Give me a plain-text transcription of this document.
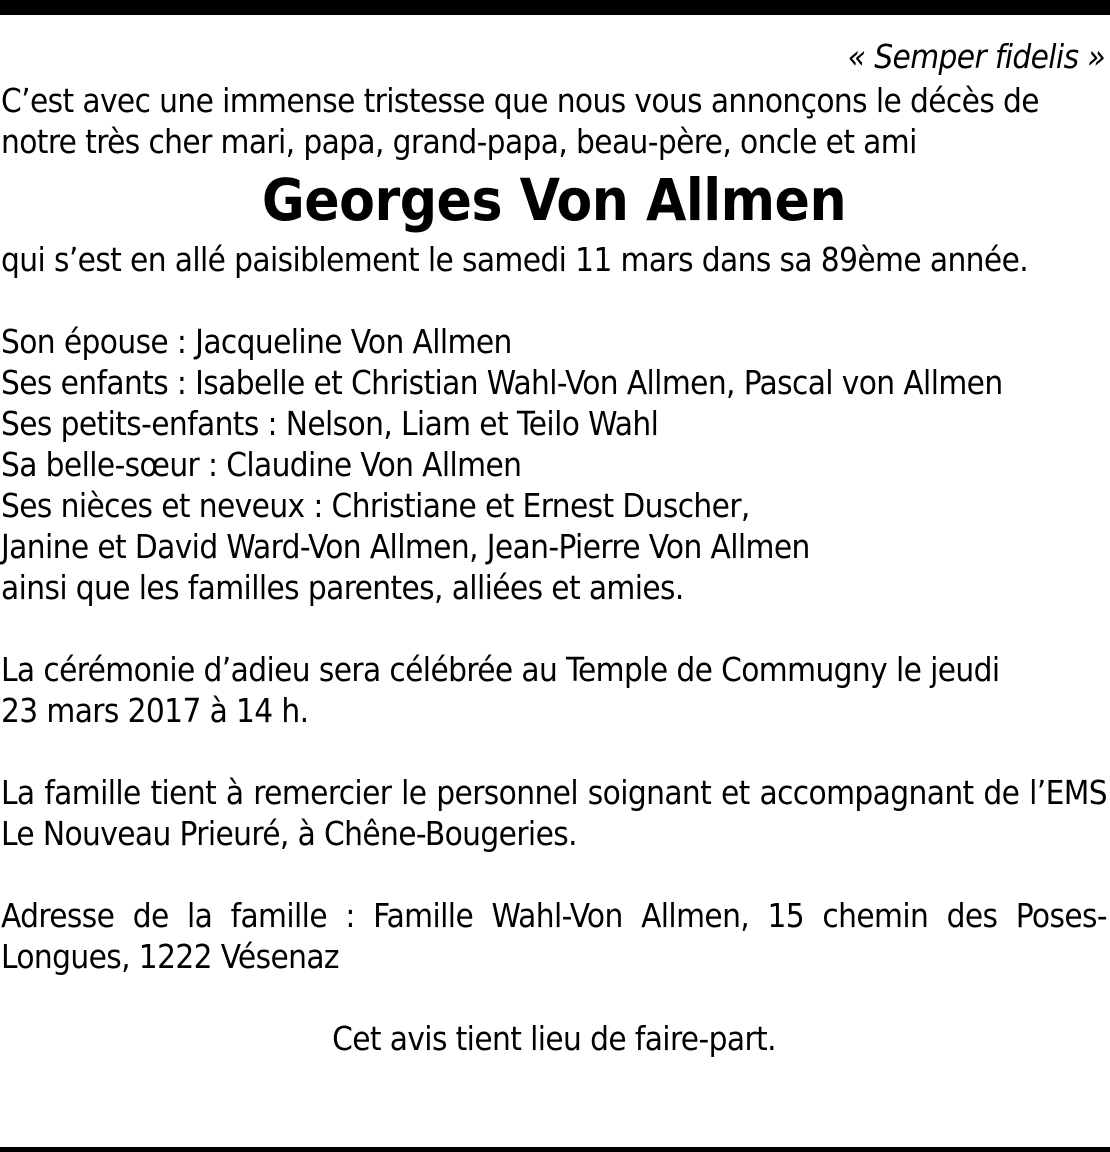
« Semper fidelis »
C’est avec une immense tristesse que nous vous annonçons le décès de
notre très cher mari, papa, grand-papa, beau-père, oncle et ami
Georges Von Allmen
qui s’est en allé paisiblement le samedi 11 mars dans sa 89ème année.
Son épouse : Jacqueline Von Allmen
Ses enfants : Isabelle et Christian Wahl-Von Allmen, Pascal von Allmen
Ses petits-enfants : Nelson, Liam et Teilo Wahl
Sa belle-sœur : Claudine Von Allmen
Ses nièces et neveux : Christiane et Ernest Duscher,
Janine et David Ward-Von Allmen, Jean-Pierre Von Allmen
ainsi que les familles parentes, alliées et amies.
La cérémonie d’adieu sera célébrée au Temple de Commugny le jeudi
23 mars 2017 à 14 h.
La famille tient à remercier le personnel soignant et accompagnant de l’EMS Le Nouveau Prieuré, à Chêne-Bougeries.
Adresse de la famille : Famille Wahl-Von Allmen, 15 chemin des Poses-Longues, 1222 Vésenaz
Cet avis tient lieu de faire-part.
